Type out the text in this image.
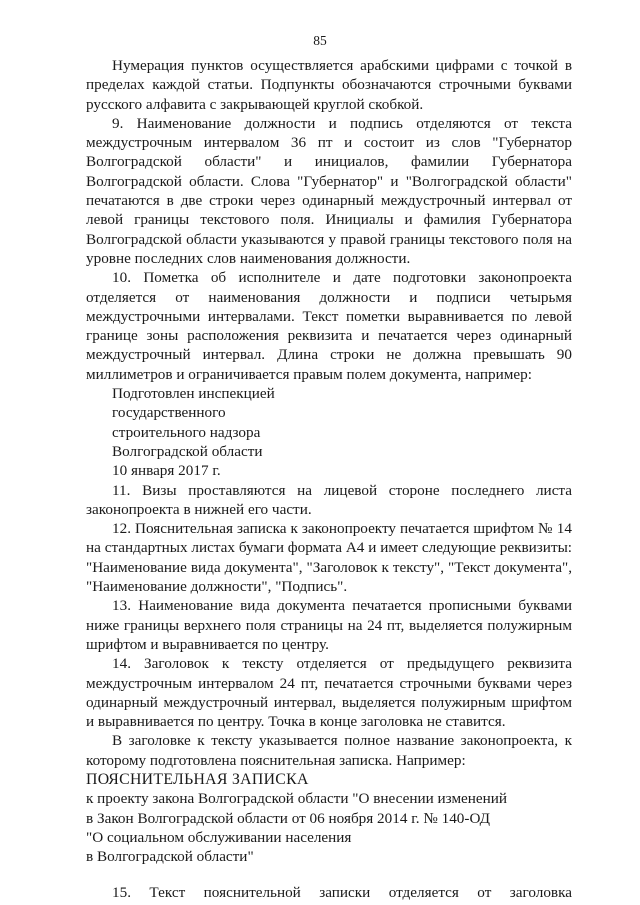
85

Нумерация пунктов осуществляется арабскими цифрами с точкой в пределах каждой статьи. Подпункты обозначаются строчными буквами русского алфавита с закрывающей круглой скобкой.

9. Наименование должности и подпись отделяются от текста междустрочным интервалом 36 пт и состоит из слов "Губернатор Волгоградской области" и инициалов, фамилии Губернатора Волгоградской области. Слова "Губернатор" и "Волгоградской области" печатаются в две строки через одинарный междустрочный интервал от левой границы текстового поля. Инициалы и фамилия Губернатора Волгоградской области указываются у правой границы текстового поля на уровне последних слов наименования должности.

10. Пометка об исполнителе и дате подготовки законопроекта отделяется от наименования должности и подписи четырьмя междустрочными интервалами. Текст пометки выравнивается по левой границе зоны расположения реквизита и печатается через одинарный междустрочный интервал. Длина строки не должна превышать 90 миллиметров и ограничивается правым полем документа, например:

Подготовлен инспекцией
государственного
строительного надзора
Волгоградской области
10 января 2017 г.

11. Визы проставляются на лицевой стороне последнего листа законопроекта в нижней его части.

12. Пояснительная записка к законопроекту печатается шрифтом № 14 на стандартных листах бумаги формата А4 и имеет следующие реквизиты: "Наименование вида документа", "Заголовок к тексту", "Текст документа", "Наименование должности", "Подпись".

13. Наименование вида документа печатается прописными буквами ниже границы верхнего поля страницы на 24 пт, выделяется полужирным шрифтом и выравнивается по центру.

14. Заголовок к тексту отделяется от предыдущего реквизита междустрочным интервалом 24 пт, печатается строчными буквами через одинарный междустрочный интервал, выделяется полужирным шрифтом и выравнивается по центру. Точка в конце заголовка не ставится.

В заголовке к тексту указывается полное название законопроекта, к которому подготовлена пояснительная записка. Например:

ПОЯСНИТЕЛЬНАЯ ЗАПИСКА
к проекту закона Волгоградской области "О внесении изменений
в Закон Волгоградской области от 06 ноября 2014 г. № 140-ОД
"О социальном обслуживании населения
в Волгоградской области"

15. Текст пояснительной записки отделяется от заголовка
